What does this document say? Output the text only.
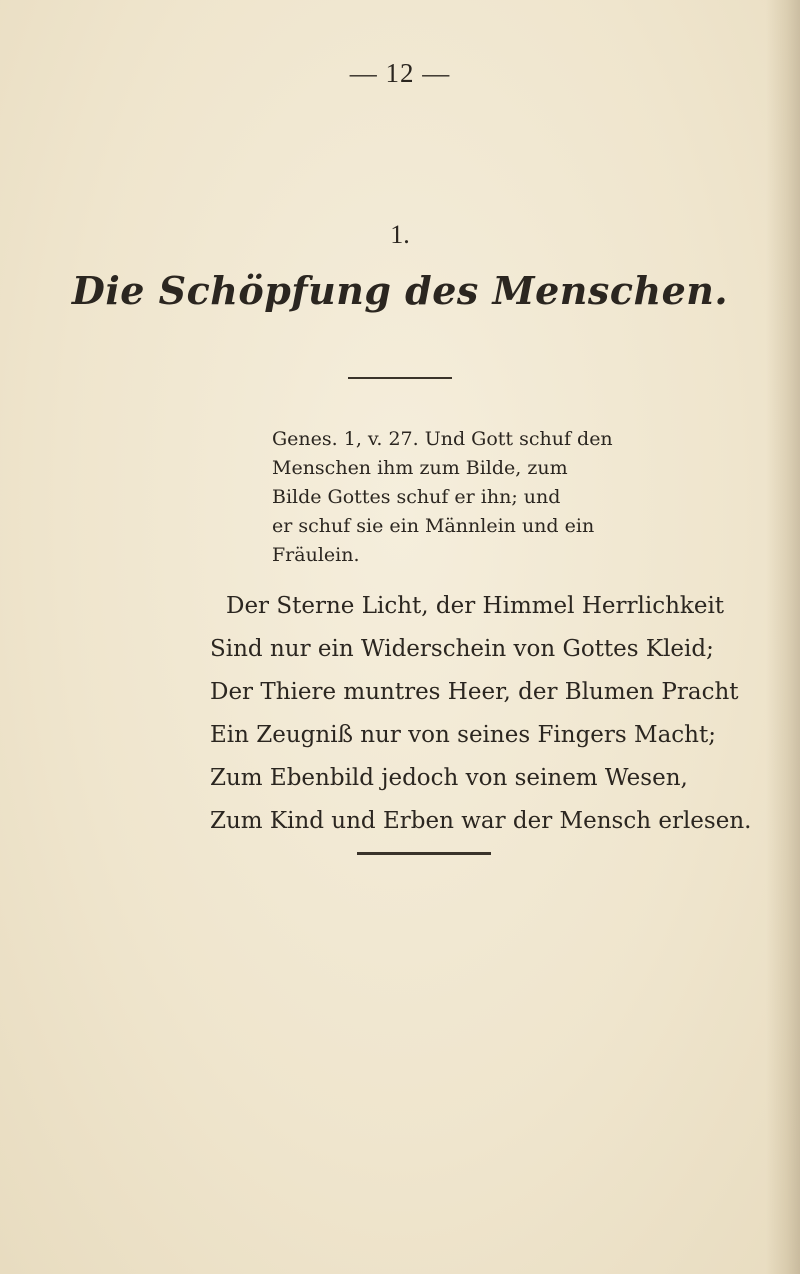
— 12 —
1.
Die Schöpfung des Menschen.
Genes. 1, v. 27. Und Gott schuf den
Menschen ihm zum Bilde, zum
Bilde Gottes schuf er ihn; und
er schuf sie ein Männlein und ein
Fräulein.
Der Sterne Licht, der Himmel Herrlichkeit
Sind nur ein Widerschein von Gottes Kleid;
Der Thiere muntres Heer, der Blumen Pracht
Ein Zeugniß nur von seines Fingers Macht;
Zum Ebenbild jedoch von seinem Wesen,
Zum Kind und Erben war der Mensch erlesen.
